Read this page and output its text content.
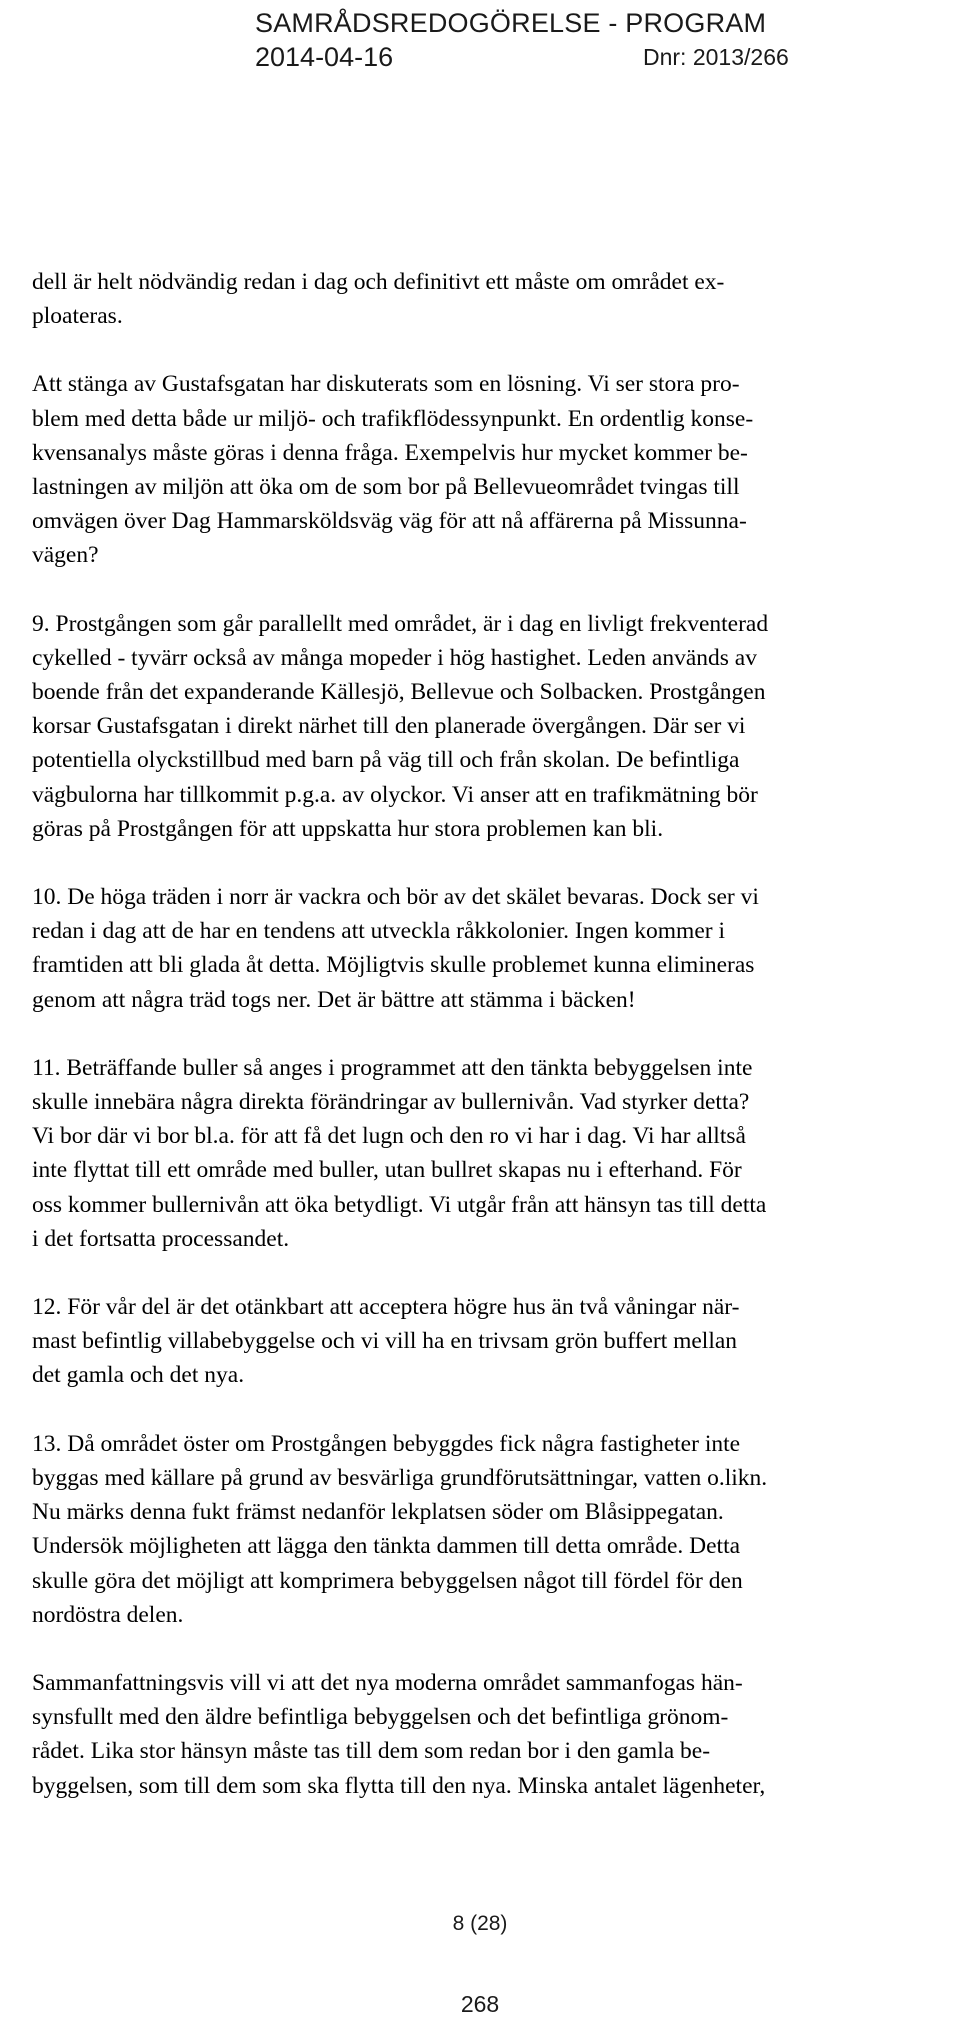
SAMRÅDSREDOGÖRELSE - PROGRAM
2014-04-16	Dnr: 2013/266

dell är helt nödvändig redan i dag och definitivt ett måste om området ex-
ploateras.

Att stänga av Gustafsgatan har diskuterats som en lösning. Vi ser stora pro-
blem med detta både ur miljö- och trafikflödessynpunkt. En ordentlig konse-
kvensanalys måste göras i denna fråga. Exempelvis hur mycket kommer be-
lastningen av miljön att öka om de som bor på Bellevueområdet tvingas till
omvägen över Dag Hammarsköldsväg väg för att nå affärerna på Missunna-
vägen?

9. Prostgången som går parallellt med området, är i dag en livligt frekventerad
cykelled - tyvärr också av många mopeder i hög hastighet. Leden används av
boende från det expanderande Källesjö, Bellevue och Solbacken. Prostgången
korsar Gustafsgatan i direkt närhet till den planerade övergången. Där ser vi
potentiella olyckstillbud med barn på väg till och från skolan. De befintliga
vägbulorna har tillkommit p.g.a. av olyckor. Vi anser att en trafikmätning bör
göras på Prostgången för att uppskatta hur stora problemen kan bli.

10. De höga träden i norr är vackra och bör av det skälet bevaras. Dock ser vi
redan i dag att de har en tendens att utveckla råkkolonier. Ingen kommer i
framtiden att bli glada åt detta. Möjligtvis skulle problemet kunna elimineras
genom att några träd togs ner. Det är bättre att stämma i bäcken!

11. Beträffande buller så anges i programmet att den tänkta bebyggelsen inte
skulle innebära några direkta förändringar av bullernivån. Vad styrker detta?
Vi bor där vi bor bl.a. för att få det lugn och den ro vi har i dag. Vi har alltså
inte flyttat till ett område med buller, utan bullret skapas nu i efterhand. För
oss kommer bullernivån att öka betydligt. Vi utgår från att hänsyn tas till detta
i det fortsatta processandet.

12. För vår del är det otänkbart att acceptera högre hus än två våningar när-
mast befintlig villabebyggelse och vi vill ha en trivsam grön buffert mellan
det gamla och det nya.

13. Då området öster om Prostgången bebyggdes fick några fastigheter inte
byggas med källare på grund av besvärliga grundförutsättningar, vatten o.likn.
Nu märks denna fukt främst nedanför lekplatsen söder om Blåsippegatan.
Undersök möjligheten att lägga den tänkta dammen till detta område. Detta
skulle göra det möjligt att komprimera bebyggelsen något till fördel för den
nordöstra delen.

Sammanfattningsvis vill vi att det nya moderna området sammanfogas hän-
synsfullt med den äldre befintliga bebyggelsen och det befintliga grönom-
rådet. Lika stor hänsyn måste tas till dem som redan bor i den gamla be-
byggelsen, som till dem som ska flytta till den nya. Minska antalet lägenheter,

8 (28)
268
